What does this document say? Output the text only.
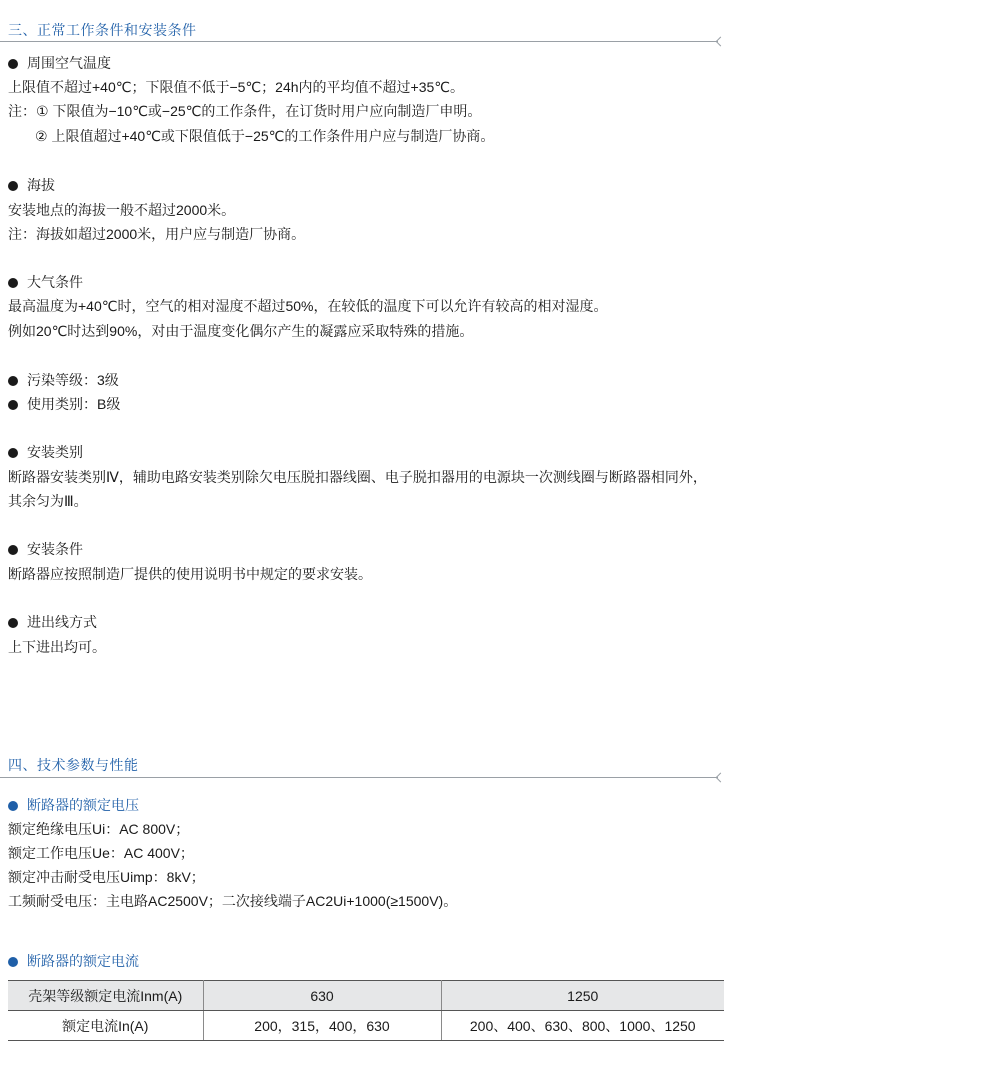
三、正常工作条件和安装条件
周围空气温度
上限值不超过+40℃；下限值不低于−5℃；24h内的平均值不超过+35℃。
注：① 下限值为−10℃或−25℃的工作条件，在订货时用户应向制造厂申明。
② 上限值超过+40℃或下限值低于−25℃的工作条件用户应与制造厂协商。
海拔
安装地点的海拔一般不超过2000米。
注：海拔如超过2000米，用户应与制造厂协商。
大气条件
最高温度为+40℃时，空气的相对湿度不超过50%，在较低的温度下可以允许有较高的相对湿度。
例如20℃时达到90%，对由于温度变化偶尔产生的凝露应采取特殊的措施。
污染等级：3级
使用类别：B级
安装类别
断路器安装类别Ⅳ，辅助电路安装类别除欠电压脱扣器线圈、电子脱扣器用的电源块一次测线圈与断路器相同外，
其余匀为Ⅲ。
安装条件
断路器应按照制造厂提供的使用说明书中规定的要求安装。
进出线方式
上下进出均可。
四、技术参数与性能
断路器的额定电压
额定绝缘电压Ui：AC 800V；
额定工作电压Ue：AC 400V；
额定冲击耐受电压Uimp：8kV；
工频耐受电压：主电路AC2500V；二次接线端子AC2Ui+1000(≥1500V)。
断路器的额定电流
壳架等级额定电流Inm(A)	630	1250
额定电流In(A)	200，315，400，630	200、400、630、800、1000、1250
